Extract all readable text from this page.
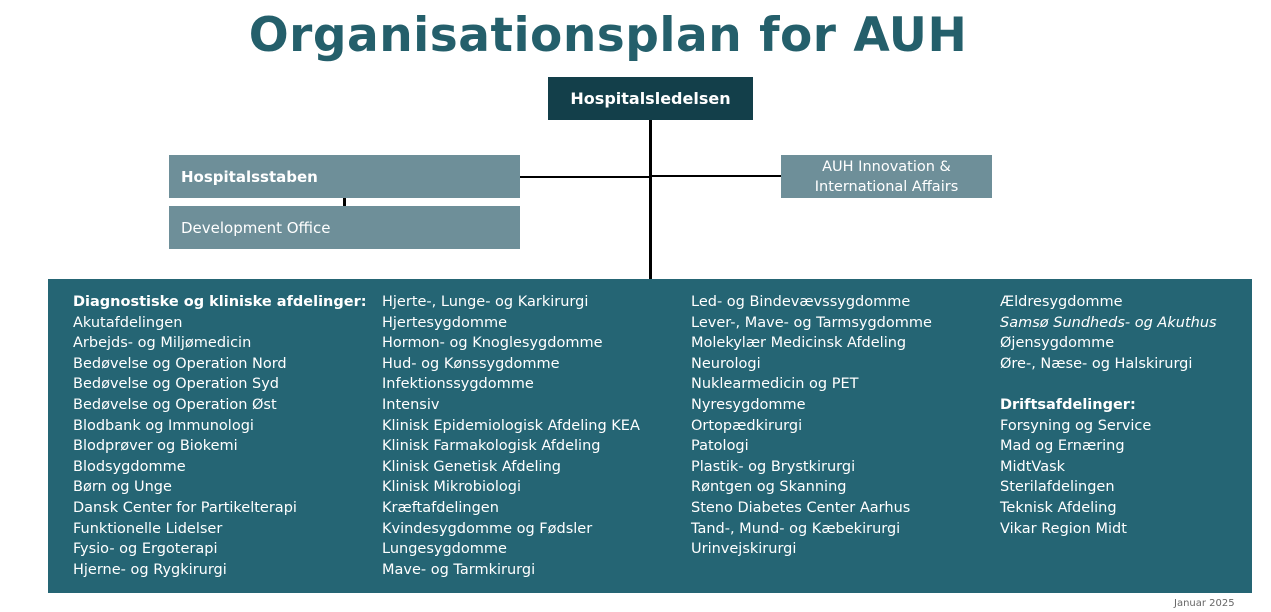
Organisationsplan for AUH
Hospitalsledelsen
Hospitalsstaben
Development Office
AUH Innovation & International Affairs
Diagnostiske og kliniske afdelinger:
Akutafdelingen
Arbejds- og Miljømedicin
Bedøvelse og Operation Nord
Bedøvelse og Operation Syd
Bedøvelse og Operation Øst
Blodbank og Immunologi
Blodprøver og Biokemi
Blodsygdomme
Børn og Unge
Dansk Center for Partikelterapi
Funktionelle Lidelser
Fysio- og Ergoterapi
Hjerne- og Rygkirurgi
Hjerte-, Lunge- og Karkirurgi
Hjertesygdomme
Hormon- og Knoglesygdomme
Hud- og Kønssygdomme
Infektionssygdomme
Intensiv
Klinisk Epidemiologisk Afdeling KEA
Klinisk Farmakologisk Afdeling
Klinisk Genetisk Afdeling
Klinisk Mikrobiologi
Kræftafdelingen
Kvindesygdomme og Fødsler
Lungesygdomme
Mave- og Tarmkirurgi
Led- og Bindevævssygdomme
Lever-, Mave- og Tarmsygdomme
Molekylær Medicinsk Afdeling
Neurologi
Nuklearmedicin og PET
Nyresygdomme
Ortopædkirurgi
Patologi
Plastik- og Brystkirurgi
Røntgen og Skanning
Steno Diabetes Center Aarhus
Tand-, Mund- og Kæbekirurgi
Urinvejskirurgi
Ældresygdomme
Samsø Sundheds- og Akuthus
Øjensygdomme
Øre-, Næse- og Halskirurgi
Driftsafdelinger:
Forsyning og Service
Mad og Ernæring
MidtVask
Sterilafdelingen
Teknisk Afdeling
Vikar Region Midt
Januar 2025
